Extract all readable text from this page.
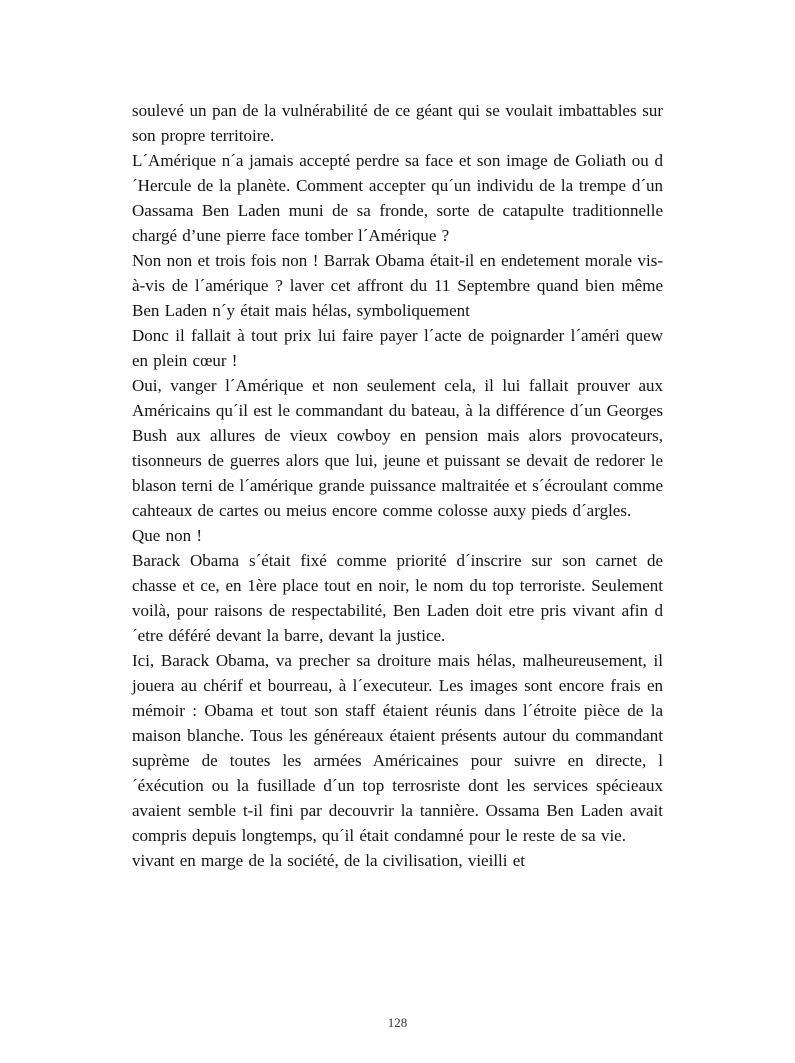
soulevé un pan de la vulnérabilité de ce géant qui se voulait imbattables sur son propre territoire.

L´Amérique n´a jamais accepté perdre sa face et son image de Goliath ou d´Hercule de la planète. Comment accepter qu´un individu de la trempe d´un Oassama Ben Laden muni de sa fronde, sorte de catapulte traditionnelle chargé d’une pierre face tomber l´Amérique ?

Non non et trois fois non ! Barrak Obama était-il en endetement morale vis-à-vis de l´amérique ? laver cet affront du 11 Septembre quand bien même Ben Laden n´y était mais hélas, symboliquement

Donc il fallait à tout prix lui faire payer l´acte de poignarder l´améri quew en plein cœur !

Oui, vanger l´Amérique et non seulement cela, il lui fallait prouver aux Américains qu´il est le commandant du bateau, à la différence d´un Georges Bush aux allures de vieux cowboy en pension mais alors provocateurs, tisonneurs de guerres alors que lui, jeune et puissant se devait de redorer le blason terni de l´amérique grande puissance maltraitée et s´écroulant comme cahteaux de cartes ou meius encore comme colosse auxy pieds d´argles.

Que non !

Barack Obama s´était fixé comme priorité d´inscrire sur son carnet de chasse et ce, en 1ère place tout en noir, le nom du top terroriste. Seulement voilà, pour raisons de respectabilité, Ben Laden doit etre pris vivant afin d´etre déféré devant la barre, devant la justice.

Ici, Barack Obama, va precher sa droiture mais hélas, malheureusement, il jouera au chérif et bourreau, à l´executeur. Les images sont encore frais en mémoir : Obama et tout son staff étaient réunis dans l´étroite pièce de la maison blanche. Tous les généreaux étaient présents autour du commandant suprème de toutes les armées Américaines pour suivre en directe, l´éxécution ou la fusillade d´un top terrosriste dont les services spécieaux avaient semble t-il fini par decouvrir la tannière. Ossama Ben Laden avait compris depuis longtemps, qu´il était condamné pour le reste de sa vie.

vivant en marge de la société, de la civilisation, vieilli et

128
